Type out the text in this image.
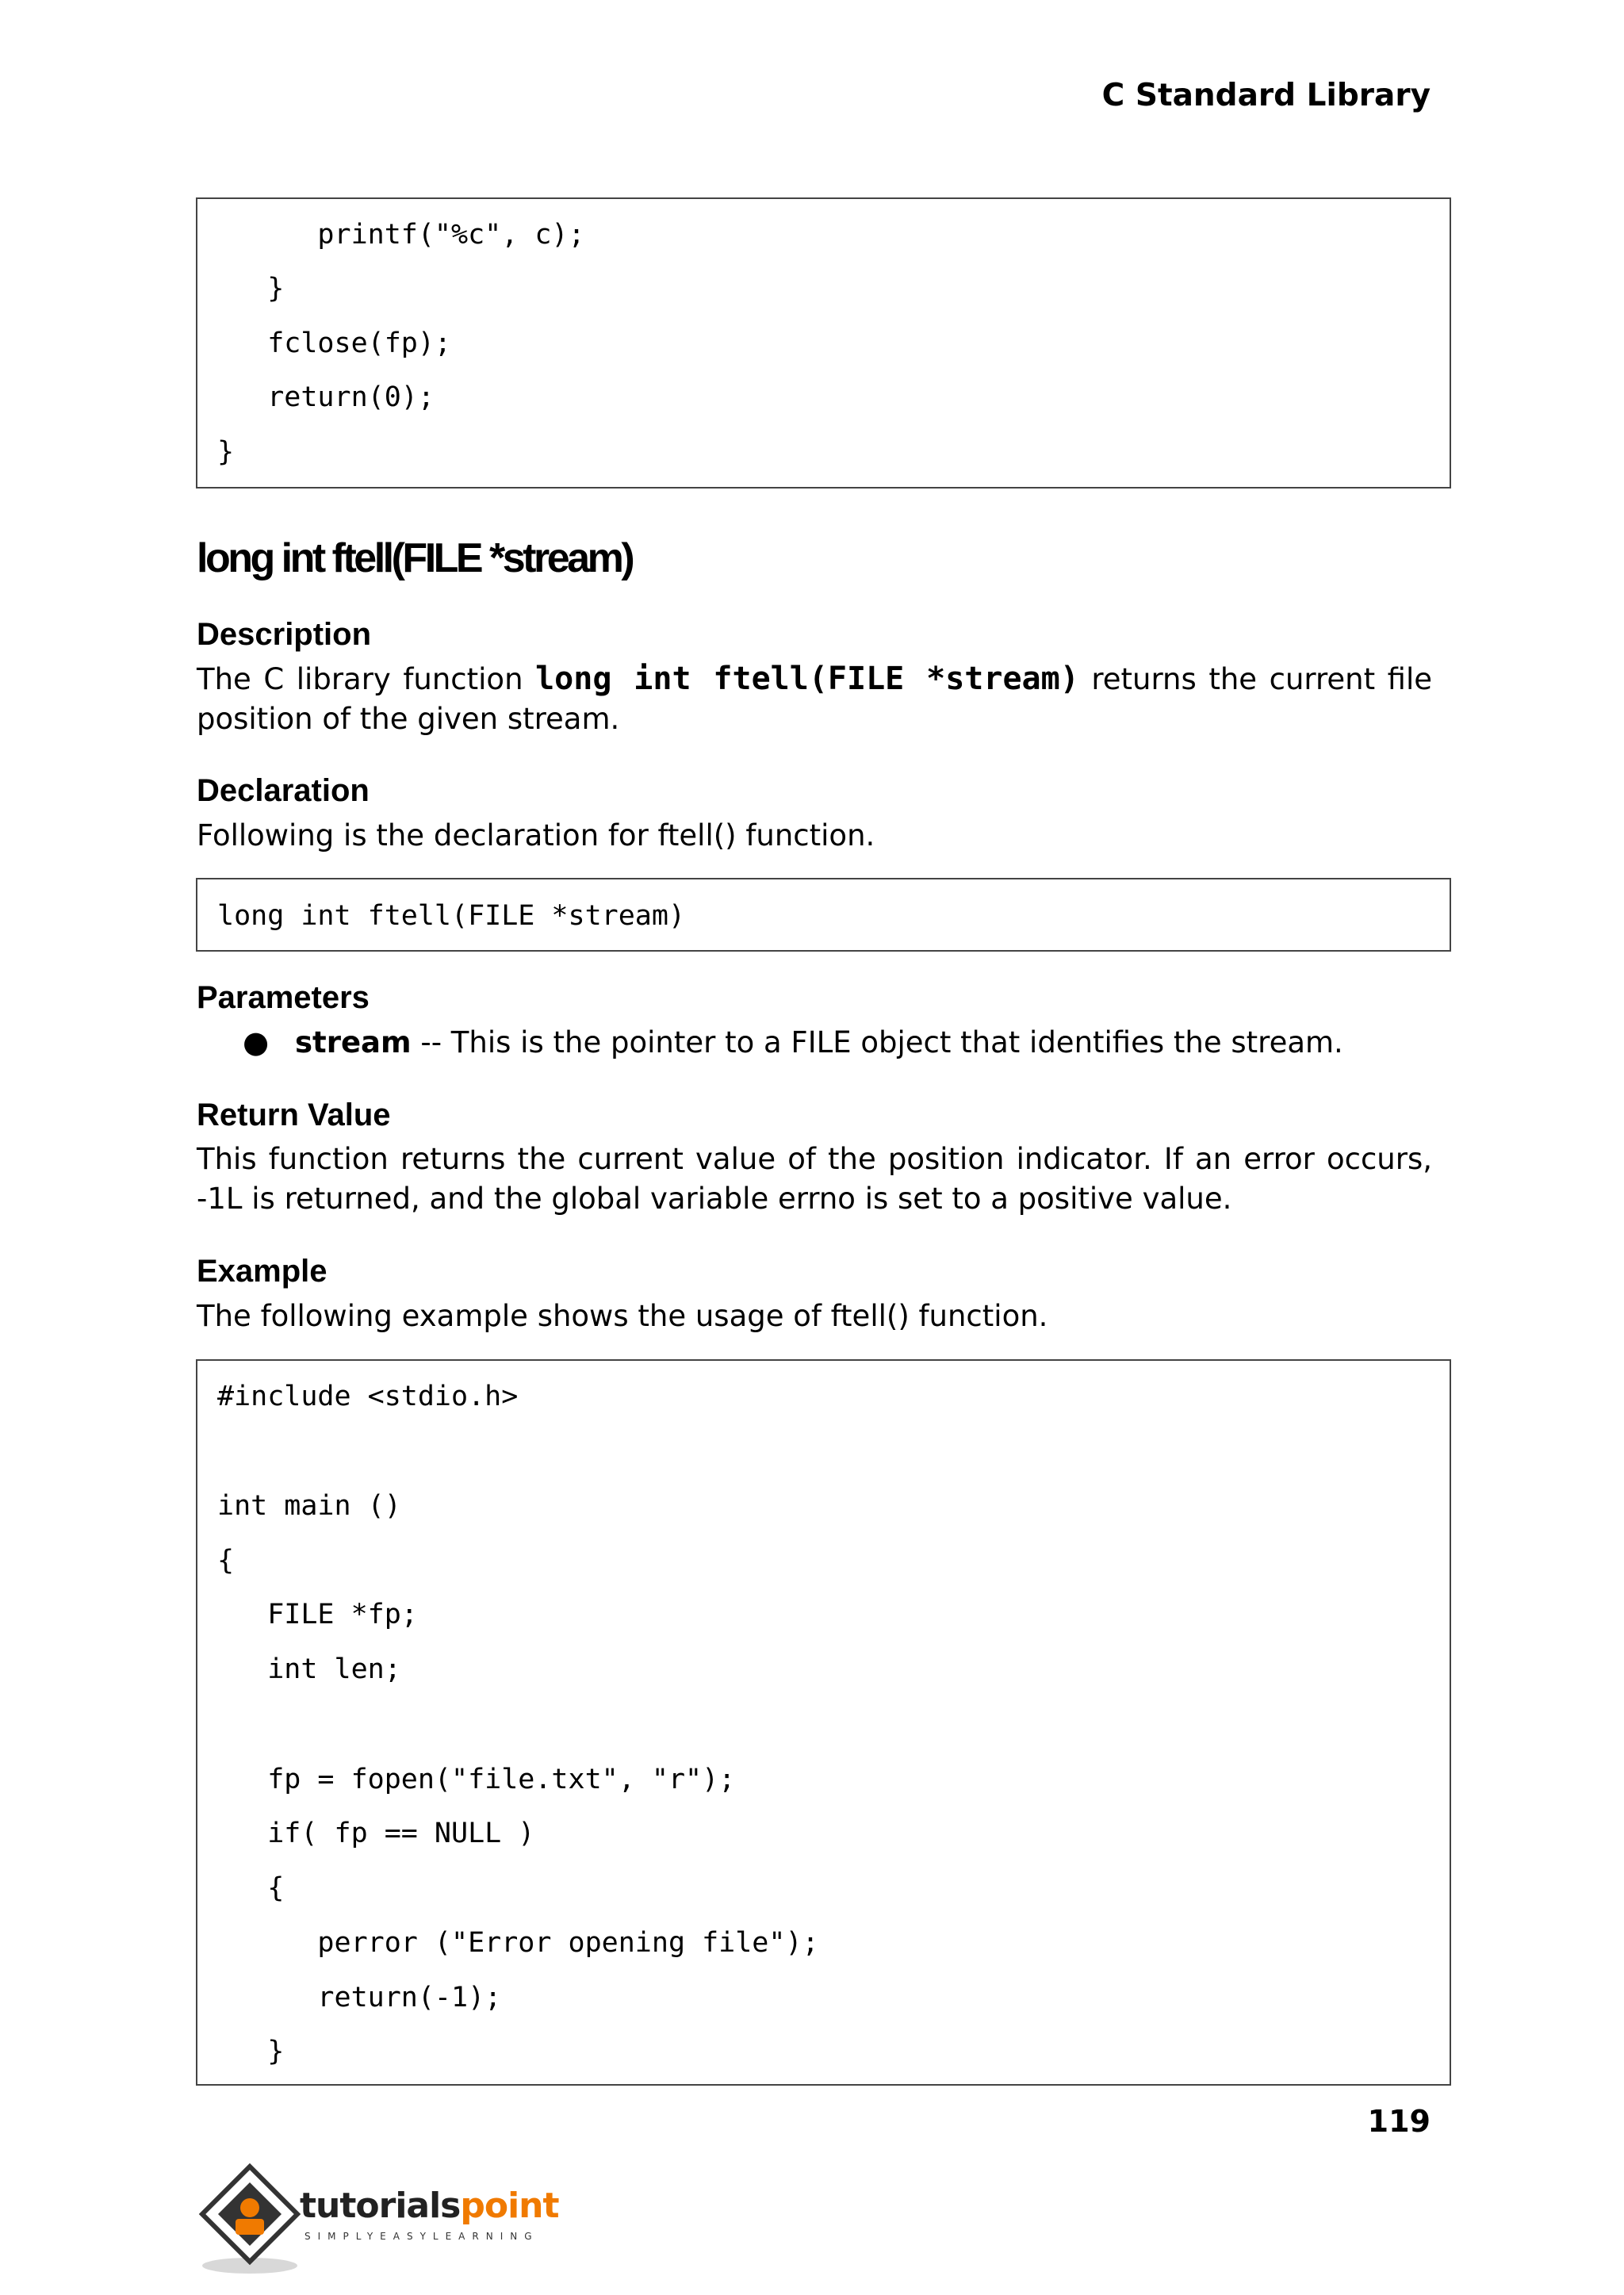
C Standard Library
printf("%c", c);
}
fclose(fp);
return(0);
}
long int ftell(FILE *stream)
Description
The C library function long int ftell(FILE *stream) returns the current file position of the given stream.
Declaration
Following is the declaration for ftell() function.
long int ftell(FILE *stream)
Parameters
● stream -- This is the pointer to a FILE object that identifies the stream.
Return Value
This function returns the current value of the position indicator. If an error occurs, -1L is returned, and the global variable errno is set to a positive value.
Example
The following example shows the usage of ftell() function.
#include <stdio.h>
int main ()
{
FILE *fp;
int len;
fp = fopen("file.txt", "r");
if( fp == NULL )
{
perror ("Error opening file");
return(-1);
}
119
tutorialspoint
SIMPLYEASYLEARNING
